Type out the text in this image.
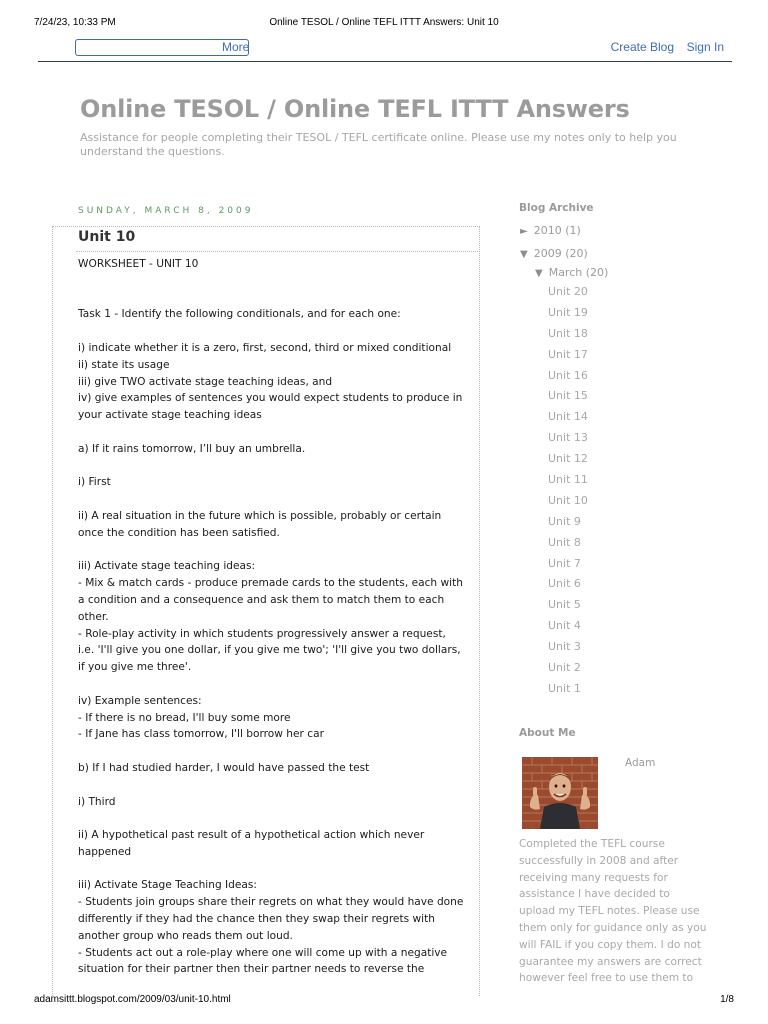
7/24/23, 10:33 PM	Online TESOL / Online TEFL ITTT Answers: Unit 10
More	Create Blog Sign In
Online TESOL / Online TEFL ITTT Answers
Assistance for people completing their TESOL / TEFL certificate online. Please use my notes only to help you understand the questions.
SUNDAY, MARCH 8, 2009
Unit 10
WORKSHEET - UNIT 10
Task 1 - Identify the following conditionals, and for each one:
i) indicate whether it is a zero, first, second, third or mixed conditional
ii) state its usage
iii) give TWO activate stage teaching ideas, and
iv) give examples of sentences you would expect students to produce in
your activate stage teaching ideas
a) If it rains tomorrow, I’ll buy an umbrella.
i) First
ii) A real situation in the future which is possible, probably or certain
once the condition has been satisfied.
iii) Activate stage teaching ideas:
- Mix & match cards - produce premade cards to the students, each with
a condition and a consequence and ask them to match them to each
other.
- Role-play activity in which students progressively answer a request,
i.e. 'I'll give you one dollar, if you give me two'; 'I'll give you two dollars,
if you give me three'.
iv) Example sentences:
- If there is no bread, I'll buy some more
- If Jane has class tomorrow, I'll borrow her car
b) If I had studied harder, I would have passed the test
i) Third
ii) A hypothetical past result of a hypothetical action which never
happened
iii) Activate Stage Teaching Ideas:
- Students join groups share their regrets on what they would have done
differently if they had the chance then they swap their regrets with
another group who reads them out loud.
- Students act out a role-play where one will come up with a negative
situation for their partner then their partner needs to reverse the
Blog Archive
► 2010 (1)
▼ 2009 (20)
▼ March (20)
Unit 20
Unit 19
Unit 18
Unit 17
Unit 16
Unit 15
Unit 14
Unit 13
Unit 12
Unit 11
Unit 10
Unit 9
Unit 8
Unit 7
Unit 6
Unit 5
Unit 4
Unit 3
Unit 2
Unit 1
About Me
Adam
Completed the TEFL course
successfully in 2008 and after
receiving many requests for
assistance I have decided to
upload my TEFL notes. Please use
them only for guidance only as you
will FAIL if you copy them. I do not
guarantee my answers are correct
however feel free to use them to
adamsittt.blogspot.com/2009/03/unit-10.html	1/8
